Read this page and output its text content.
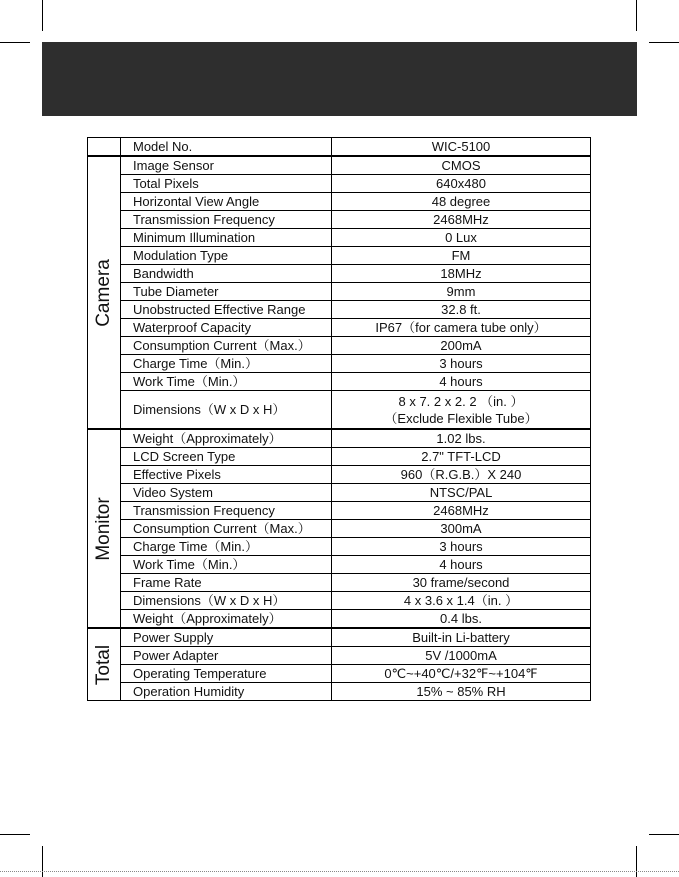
	Model No.	WIC-5100

Camera	Image Sensor	CMOS
	Total Pixels	640x480
	Horizontal View Angle	48 degree
	Transmission Frequency	2468MHz
	Minimum Illumination	0 Lux
	Modulation Type	FM
	Bandwidth	18MHz
	Tube Diameter	9mm
	Unobstructed Effective Range	32.8 ft.
	Waterproof Capacity	IP67（for camera tube only）
	Consumption Current（Max.）	200mA
	Charge Time（Min.）	3 hours
	Work Time（Min.）	4 hours
	Dimensions（W x D x H）	8 x 7. 2 x 2. 2 （in. ）
（Exclude Flexible Tube）

Monitor	Weight（Approximately）	1.02 lbs.
	LCD Screen Type	2.7" TFT-LCD
	Effective Pixels	960（R.G.B.）X 240
	Video System	NTSC/PAL
	Transmission Frequency	2468MHz
	Consumption Current（Max.）	300mA
	Charge Time（Min.）	3 hours
	Work Time（Min.）	4 hours
	Frame Rate	30 frame/second
	Dimensions（W x D x H）	4 x 3.6 x 1.4（in. ）
	Weight（Approximately）	0.4 lbs.

Total	Power Supply	Built-in Li-battery
	Power Adapter	5V /1000mA
	Operating Temperature	0℃~+40℃/+32℉~+104℉
	Operation Humidity	15% ~ 85% RH
